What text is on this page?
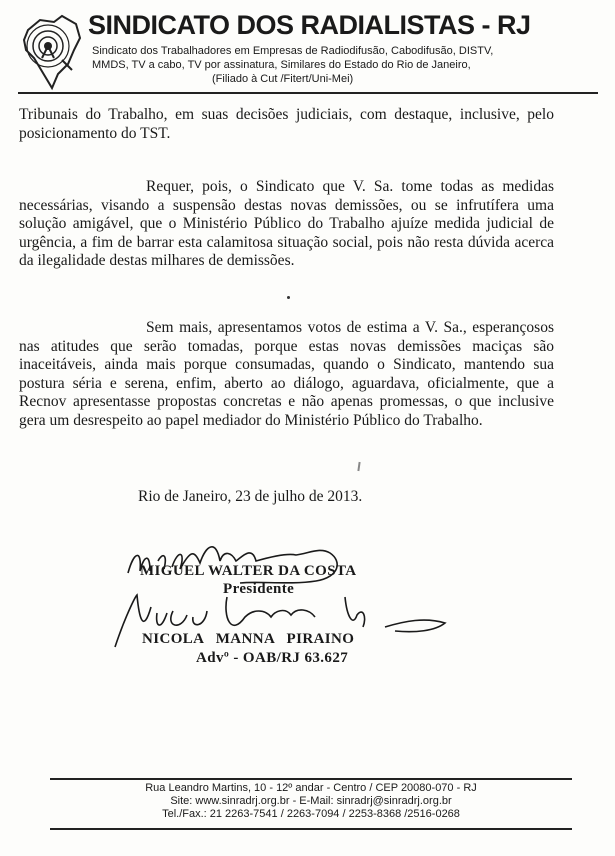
SINDICATO DOS RADIALISTAS - RJ
Sindicato dos Trabalhadores em Empresas de Radiodifusão, Cabodifusão, DISTV,
MMDS, TV a cabo, TV por assinatura, Similares do Estado do Rio de Janeiro,
(Filiado à Cut /Fitert/Uni-Mei)
Tribunais do Trabalho, em suas decisões judiciais, com destaque, inclusive, pelo posicionamento do TST.
Requer, pois, o Sindicato que V. Sa. tome todas as medidas necessárias, visando a suspensão destas novas demissões, ou se infrutífera uma solução amigável, que o Ministério Público do Trabalho ajuíze medida judicial de urgência, a fim de barrar esta calamitosa situação social, pois não resta dúvida acerca da ilegalidade destas milhares de demissões.
Sem mais, apresentamos votos de estima a V. Sa., esperançosos nas atitudes que serão tomadas, porque estas novas demissões maciças são inaceitáveis, ainda mais porque consumadas, quando o Sindicato, mantendo sua postura séria e serena, enfim, aberto ao diálogo, aguardava, oficialmente, que a Recnov apresentasse propostas concretas e não apenas promessas, o que inclusive gera um desrespeito ao papel mediador do Ministério Público do Trabalho.
Rio de Janeiro, 23 de julho de 2013.
MIGUEL WALTER DA COSTA
Presidente
NICOLA MANNA PIRAINO
Advº - OAB/RJ 63.627
Rua Leandro Martins, 10 - 12º andar - Centro / CEP 20080-070 - RJ
Site: www.sinradrj.org.br - E-Mail: sinradrj@sinradrj.org.br
Tel./Fax.: 21 2263-7541 / 2263-7094 / 2253-8368 /2516-0268
